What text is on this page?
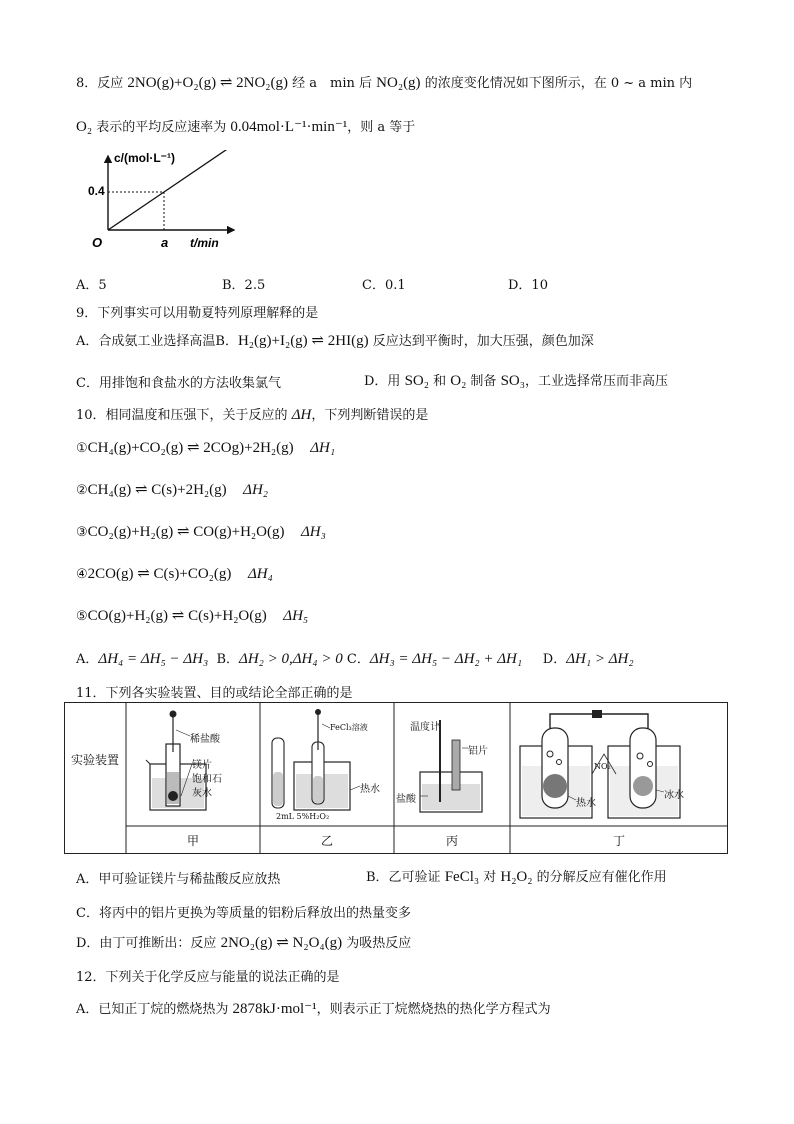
8．反应 2NO(g)+O₂(g) ⇌ 2NO₂(g) 经 a　min 后 NO₂(g) 的浓度变化情况如下图所示，在 0 ~ a min 内
O₂ 表示的平均反应速率为 0.04mol·L⁻¹·min⁻¹，则 a 等于
c/(mol·L⁻¹)
0.4
O	a t/min
A．5	B．2.5	C．0.1	D．10
9．下列事实可以用勒夏特列原理解释的是
A．合成氨工业选择高温B．H₂(g)+I₂(g) ⇌ 2HI(g) 反应达到平衡时，加大压强，颜色加深
C．用排饱和食盐水的方法收集氯气	D．用 SO₂ 和 O₂ 制备 SO₃，工业选择常压而非高压
10．相同温度和压强下，关于反应的 ΔH，下列判断错误的是
①CH₄(g)+CO₂(g) ⇌ 2COg)+2H₂(g) ΔH₁
②CH₄(g) ⇌ C(s)+2H₂(g) ΔH₂
③CO₂(g)+H₂(g) ⇌ CO(g)+H₂O(g) ΔH₃
④2CO(g) ⇌ C(s)+CO₂(g) ΔH₄
⑤CO(g)+H₂(g) ⇌ C(s)+H₂O(g) ΔH₅
A．ΔH₄ = ΔH₅ − ΔH₃ B．ΔH₂ > 0,ΔH₄ > 0 C．ΔH₃ = ΔH₅ − ΔH₂ + ΔH₁ D．ΔH₁ > ΔH₂
11．下列各实验装置、目的或结论全部正确的是
实验装置
甲	乙	丙	丁
稀盐酸
镁片
饱和石
灰水
FeCl₃溶液
热水
2mL 5%H₂O₂
温度计
铝片
盐酸
NO₂
热水
冰水
A．甲可验证镁片与稀盐酸反应放热	B．乙可验证 FeCl₃ 对 H₂O₂ 的分解反应有催化作用
C．将丙中的铝片更换为等质量的铝粉后释放出的热量变多
D．由丁可推断出：反应 2NO₂(g) ⇌ N₂O₄(g) 为吸热反应
12．下列关于化学反应与能量的说法正确的是
A．已知正丁烷的燃烧热为 2878kJ·mol⁻¹，则表示正丁烷燃烧热的热化学方程式为
